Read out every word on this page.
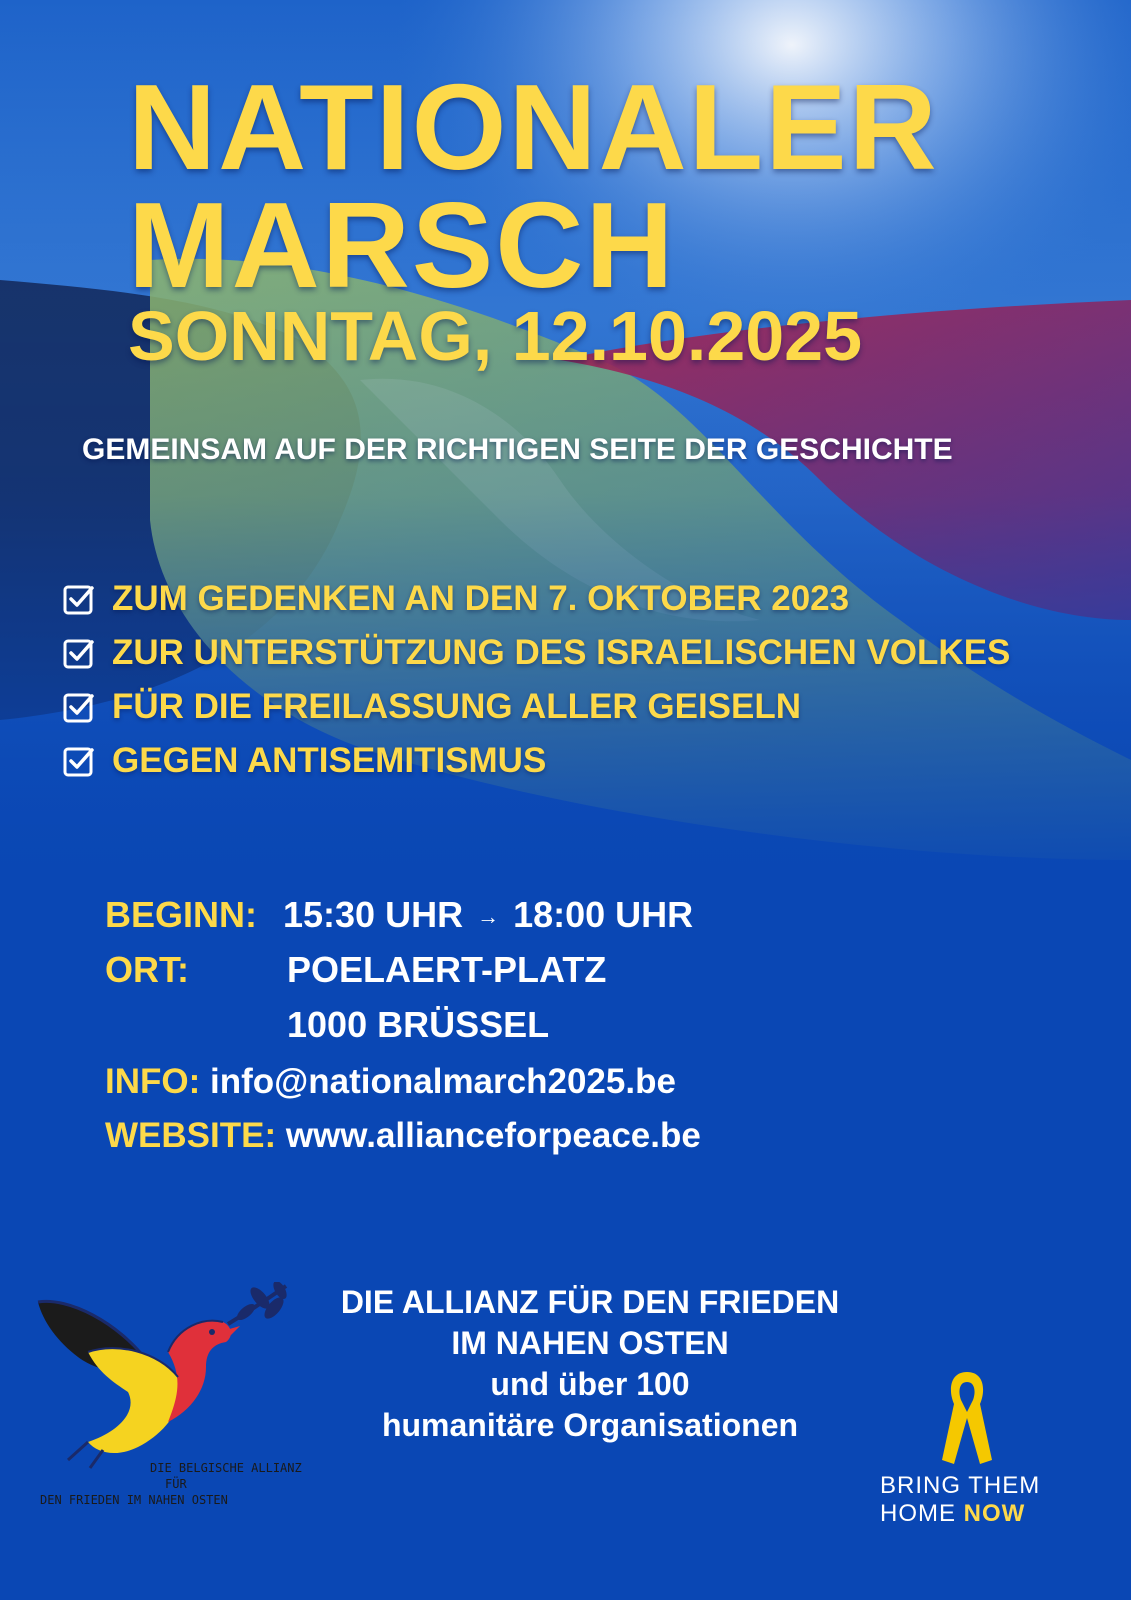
NATIONALER
MARSCH
SONNTAG, 12.10.2025
GEMEINSAM AUF DER RICHTIGEN SEITE DER GESCHICHTE
ZUM GEDENKEN AN DEN 7. OKTOBER 2023
ZUR UNTERSTÜTZUNG DES ISRAELISCHEN VOLKES
FÜR DIE FREILASSUNG ALLER GEISELN
GEGEN ANTISEMITISMUS
BEGINN: 15:30 UHR → 18:00 UHR
ORT:	POELAERT-PLATZ
1000 BRÜSSEL
INFO: info@nationalmarch2025.be
WEBSITE: www.allianceforpeace.be
DIE BELGISCHE ALLIANZ
FÜR
DEN FRIEDEN IM NAHEN OSTEN
DIE ALLIANZ FÜR DEN FRIEDEN
IM NAHEN OSTEN
und über 100
humanitäre Organisationen
BRING THEM
HOME NOW
